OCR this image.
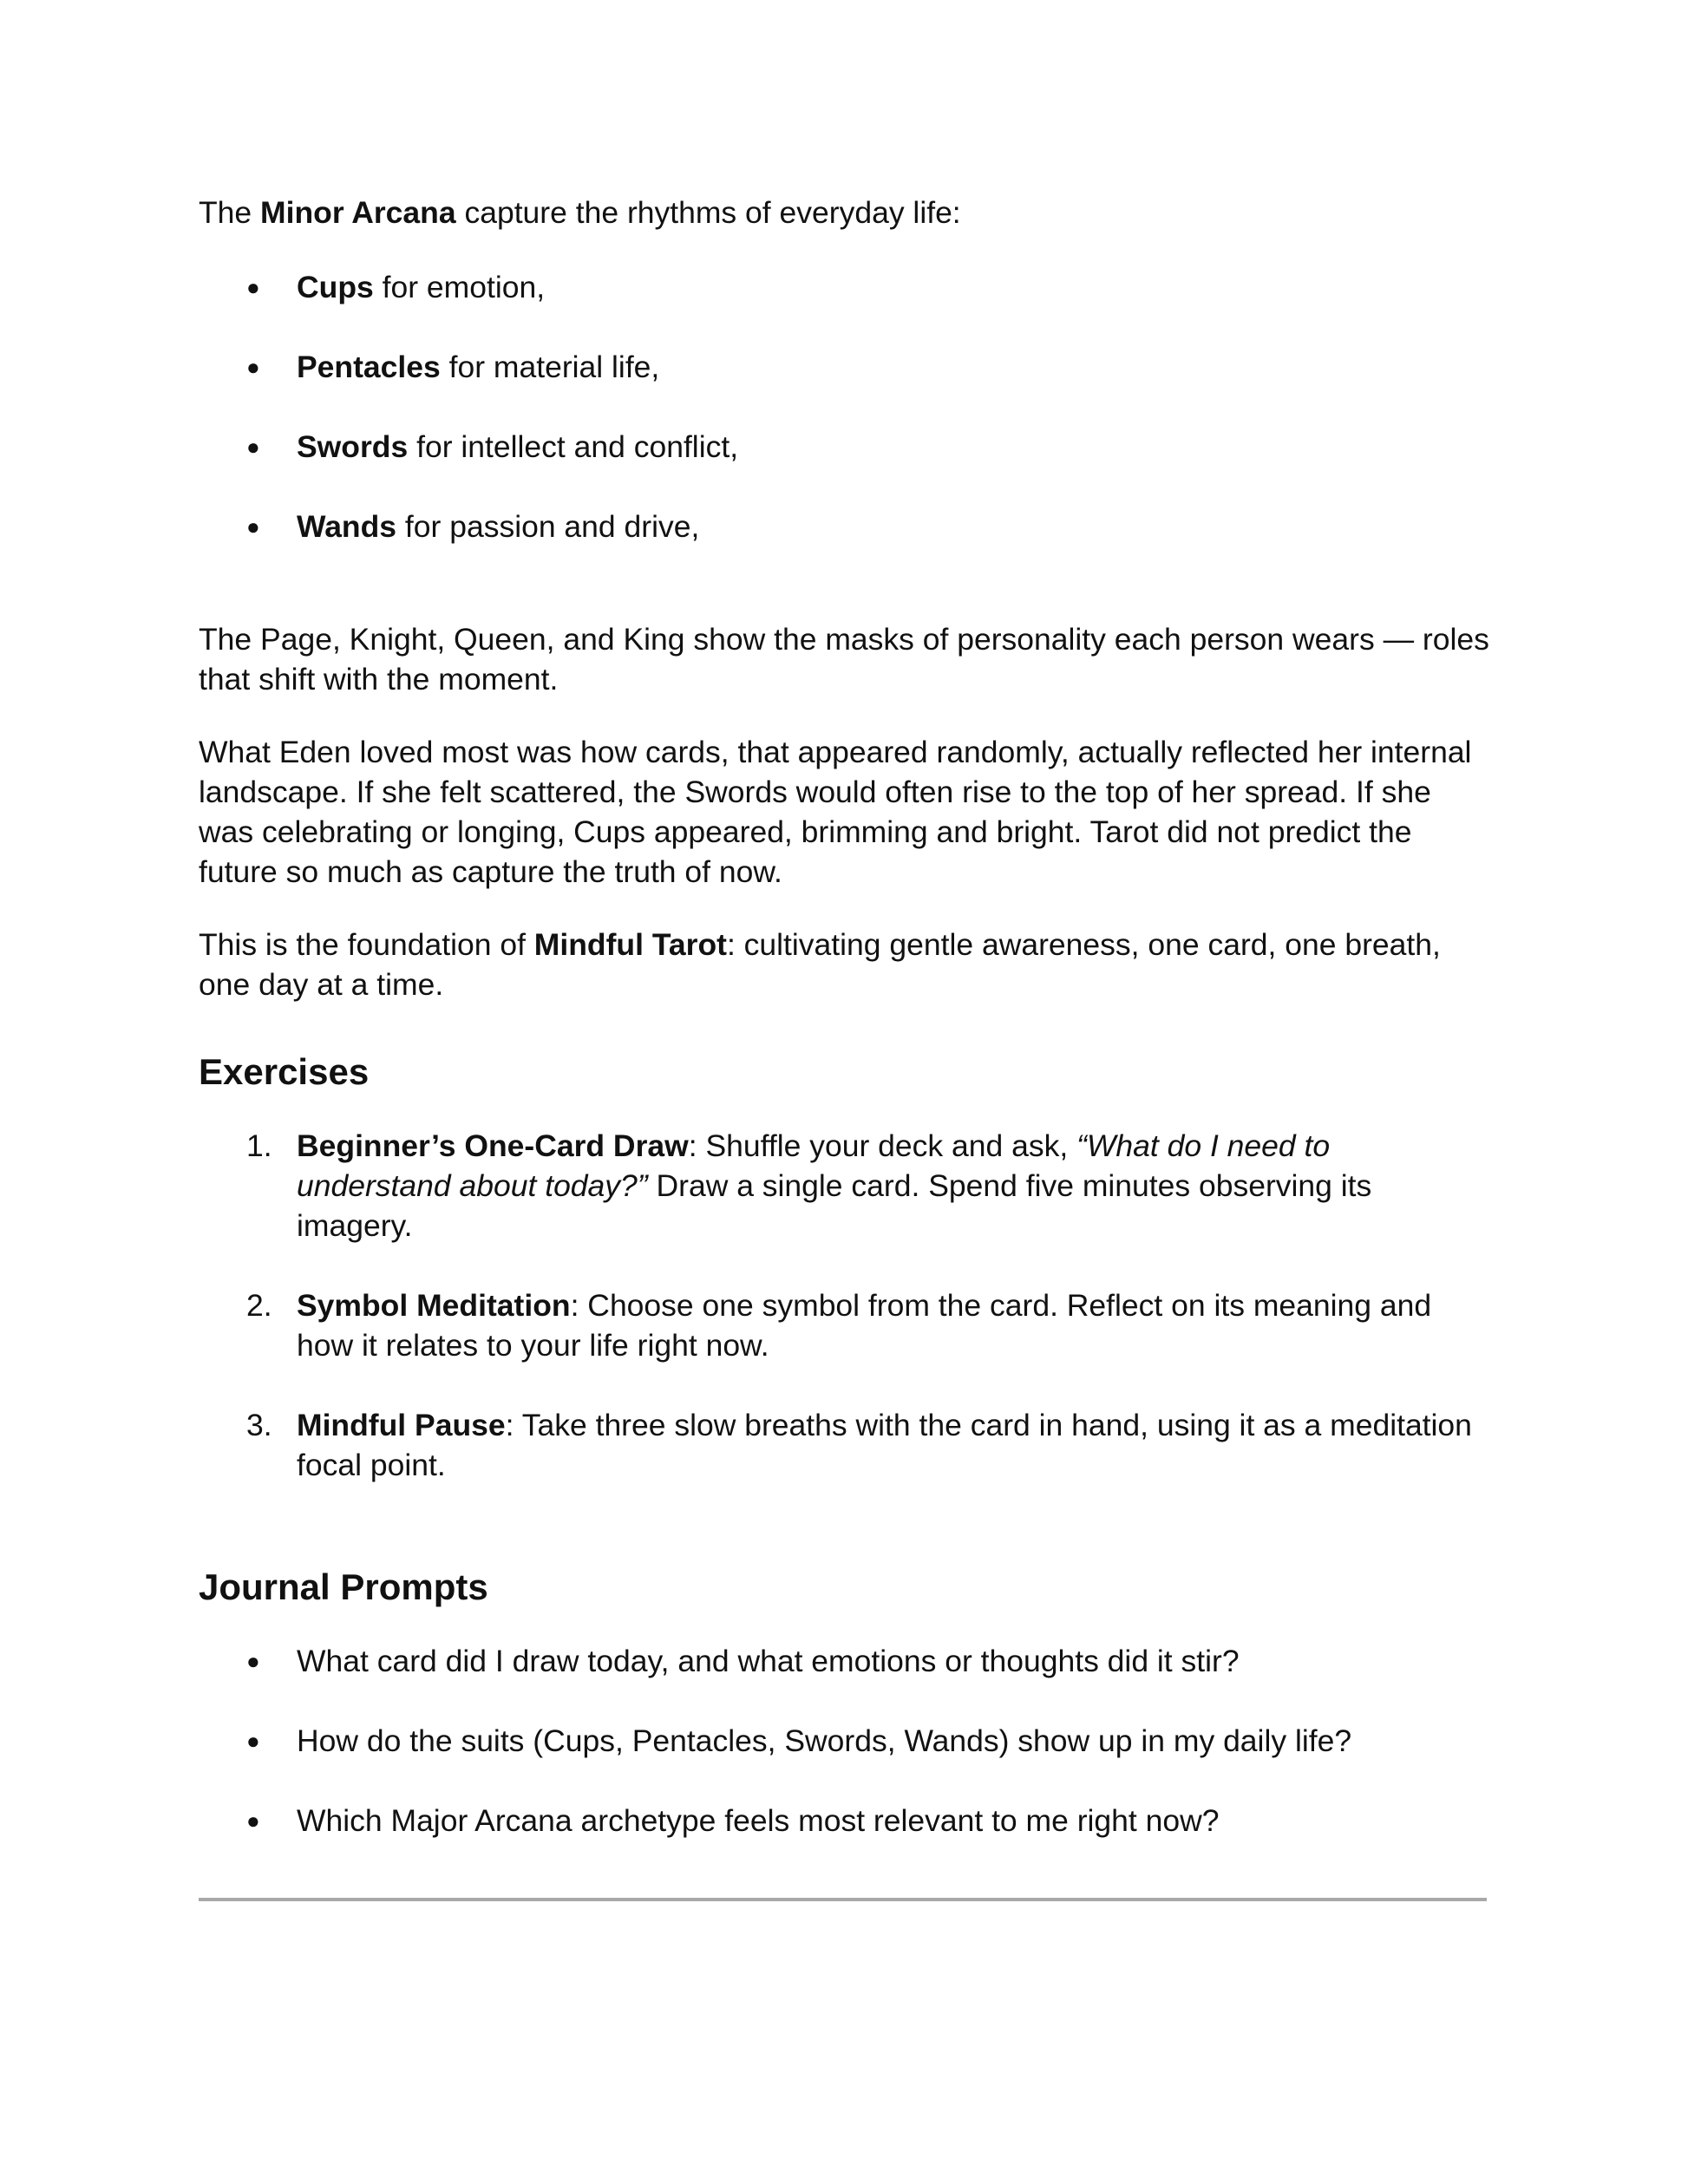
The Minor Arcana capture the rhythms of everyday life:

● Cups for emotion,
● Pentacles for material life,
● Swords for intellect and conflict,
● Wands for passion and drive,

The Page, Knight, Queen, and King show the masks of personality each person wears — roles that shift with the moment.

What Eden loved most was how cards, that appeared randomly, actually reflected her internal landscape. If she felt scattered, the Swords would often rise to the top of her spread. If she was celebrating or longing, Cups appeared, brimming and bright. Tarot did not predict the future so much as capture the truth of now.

This is the foundation of Mindful Tarot: cultivating gentle awareness, one card, one breath, one day at a time.

Exercises
1. Beginner’s One-Card Draw: Shuffle your deck and ask, “What do I need to understand about today?” Draw a single card. Spend five minutes observing its imagery.
2. Symbol Meditation: Choose one symbol from the card. Reflect on its meaning and how it relates to your life right now.
3. Mindful Pause: Take three slow breaths with the card in hand, using it as a meditation focal point.
Journal Prompts
● What card did I draw today, and what emotions or thoughts did it stir?
● How do the suits (Cups, Pentacles, Swords, Wands) show up in my daily life?
● Which Major Arcana archetype feels most relevant to me right now?
